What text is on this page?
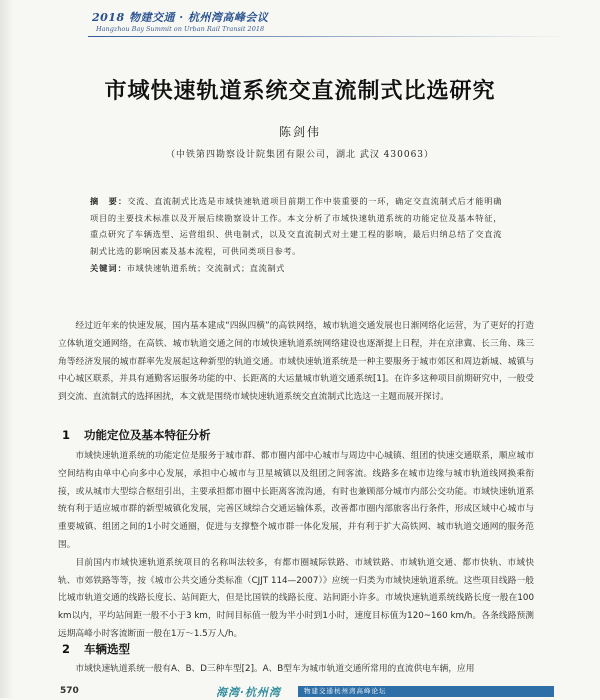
2018 物建交通 · 杭州湾高峰会议
Hangzhou Bay Summit on Urban Rail Transit 2018
市域快速轨道系统交直流制式比选研究
陈剑伟
（中铁第四勘察设计院集团有限公司，湖北 武汉 430063）
摘　要：交流、直流制式比选是市域快速轨道项目前期工作中装重要的一环，确定交直流制式后才能明确项目的主要技术标准以及开展后续勘察设计工作。本文分析了市域快速轨道系统的功能定位及基本特征，重点研究了车辆选型、运营组织、供电制式，以及交直流制式对土建工程的影响，最后归纳总结了交直流制式比选的影响因素及基本流程，可供同类项目参考。
关键词：市域快速轨道系统；交流制式；直流制式

经过近年来的快速发展，国内基本建成“四纵四横”的高铁网络，城市轨道交通发展也日渐网络化运营，为了更好的打造立体轨道交通网络，在高铁、城市轨道交通之间的市域快速轨道系统网络建设也逐渐提上日程，并在京津冀、长三角、珠三角等经济发展的城市群率先发展起这种新型的轨道交通。市域快速轨道系统是一种主要服务于城市郊区和周边新城、城镇与中心城区联系，并具有通勤客运服务功能的中、长距离的大运量城市轨道交通系统[1]。在许多这种项目前期研究中，一般受到交流、直流制式的选择困扰，本文就是围绕市域快速轨道系统交直流制式比选这一主题而展开探讨。

1 功能定位及基本特征分析

市域快速轨道系统的功能定位是服务于城市群、都市圈内部中心城市与周边中心城镇、组团的快速交通联系，顺应城市空间结构由单中心向多中心发展，承担中心城市与卫星城镇以及组团之间客流。线路多在城市边缘与城市轨道线网换乘衔接，或从城市大型综合枢纽引出，主要承担都市圈中长距离客流沟通，有时也兼顾部分城市内部公交功能。市域快速轨道系统有利于适应城市群的新型城镇化发展，完善区域综合交通运输体系，改善都市圈内部旅客出行条件，形成区域中心城市与重要城镇、组团之间的1小时交通圈，促进与支撑整个城市群一体化发展，并有利于扩大高铁网、城市轨道交通网的服务范围。

目前国内市域快速轨道系统项目的名称叫法较多，有都市圈城际铁路、市域铁路、市域轨道交通、都市快轨、市域快轨、市郊铁路等等，按《城市公共交通分类标准（CJJT 114—2007）》应统一归类为市域快速轨道系统。这些项目线路一般比城市轨道交通的线路长度长、站间距大，但是比国铁的线路长度、站间距小许多。市域快速轨道系统线路长度一般在100 km以内，平均站间距一般不小于3 km，时间目标值一般为半小时到1小时，速度目标值为120~160 km/h。各条线路预测远期高峰小时客流断面一般在1万～1.5万人/h。

2 车辆选型

市域快速轨道系统一般有A、B、D三种车型[2]。A、B型车为城市轨道交通所常用的直流供电车辆，应用

570	海湾·杭州湾	物建交通杭州湾高峰论坛
